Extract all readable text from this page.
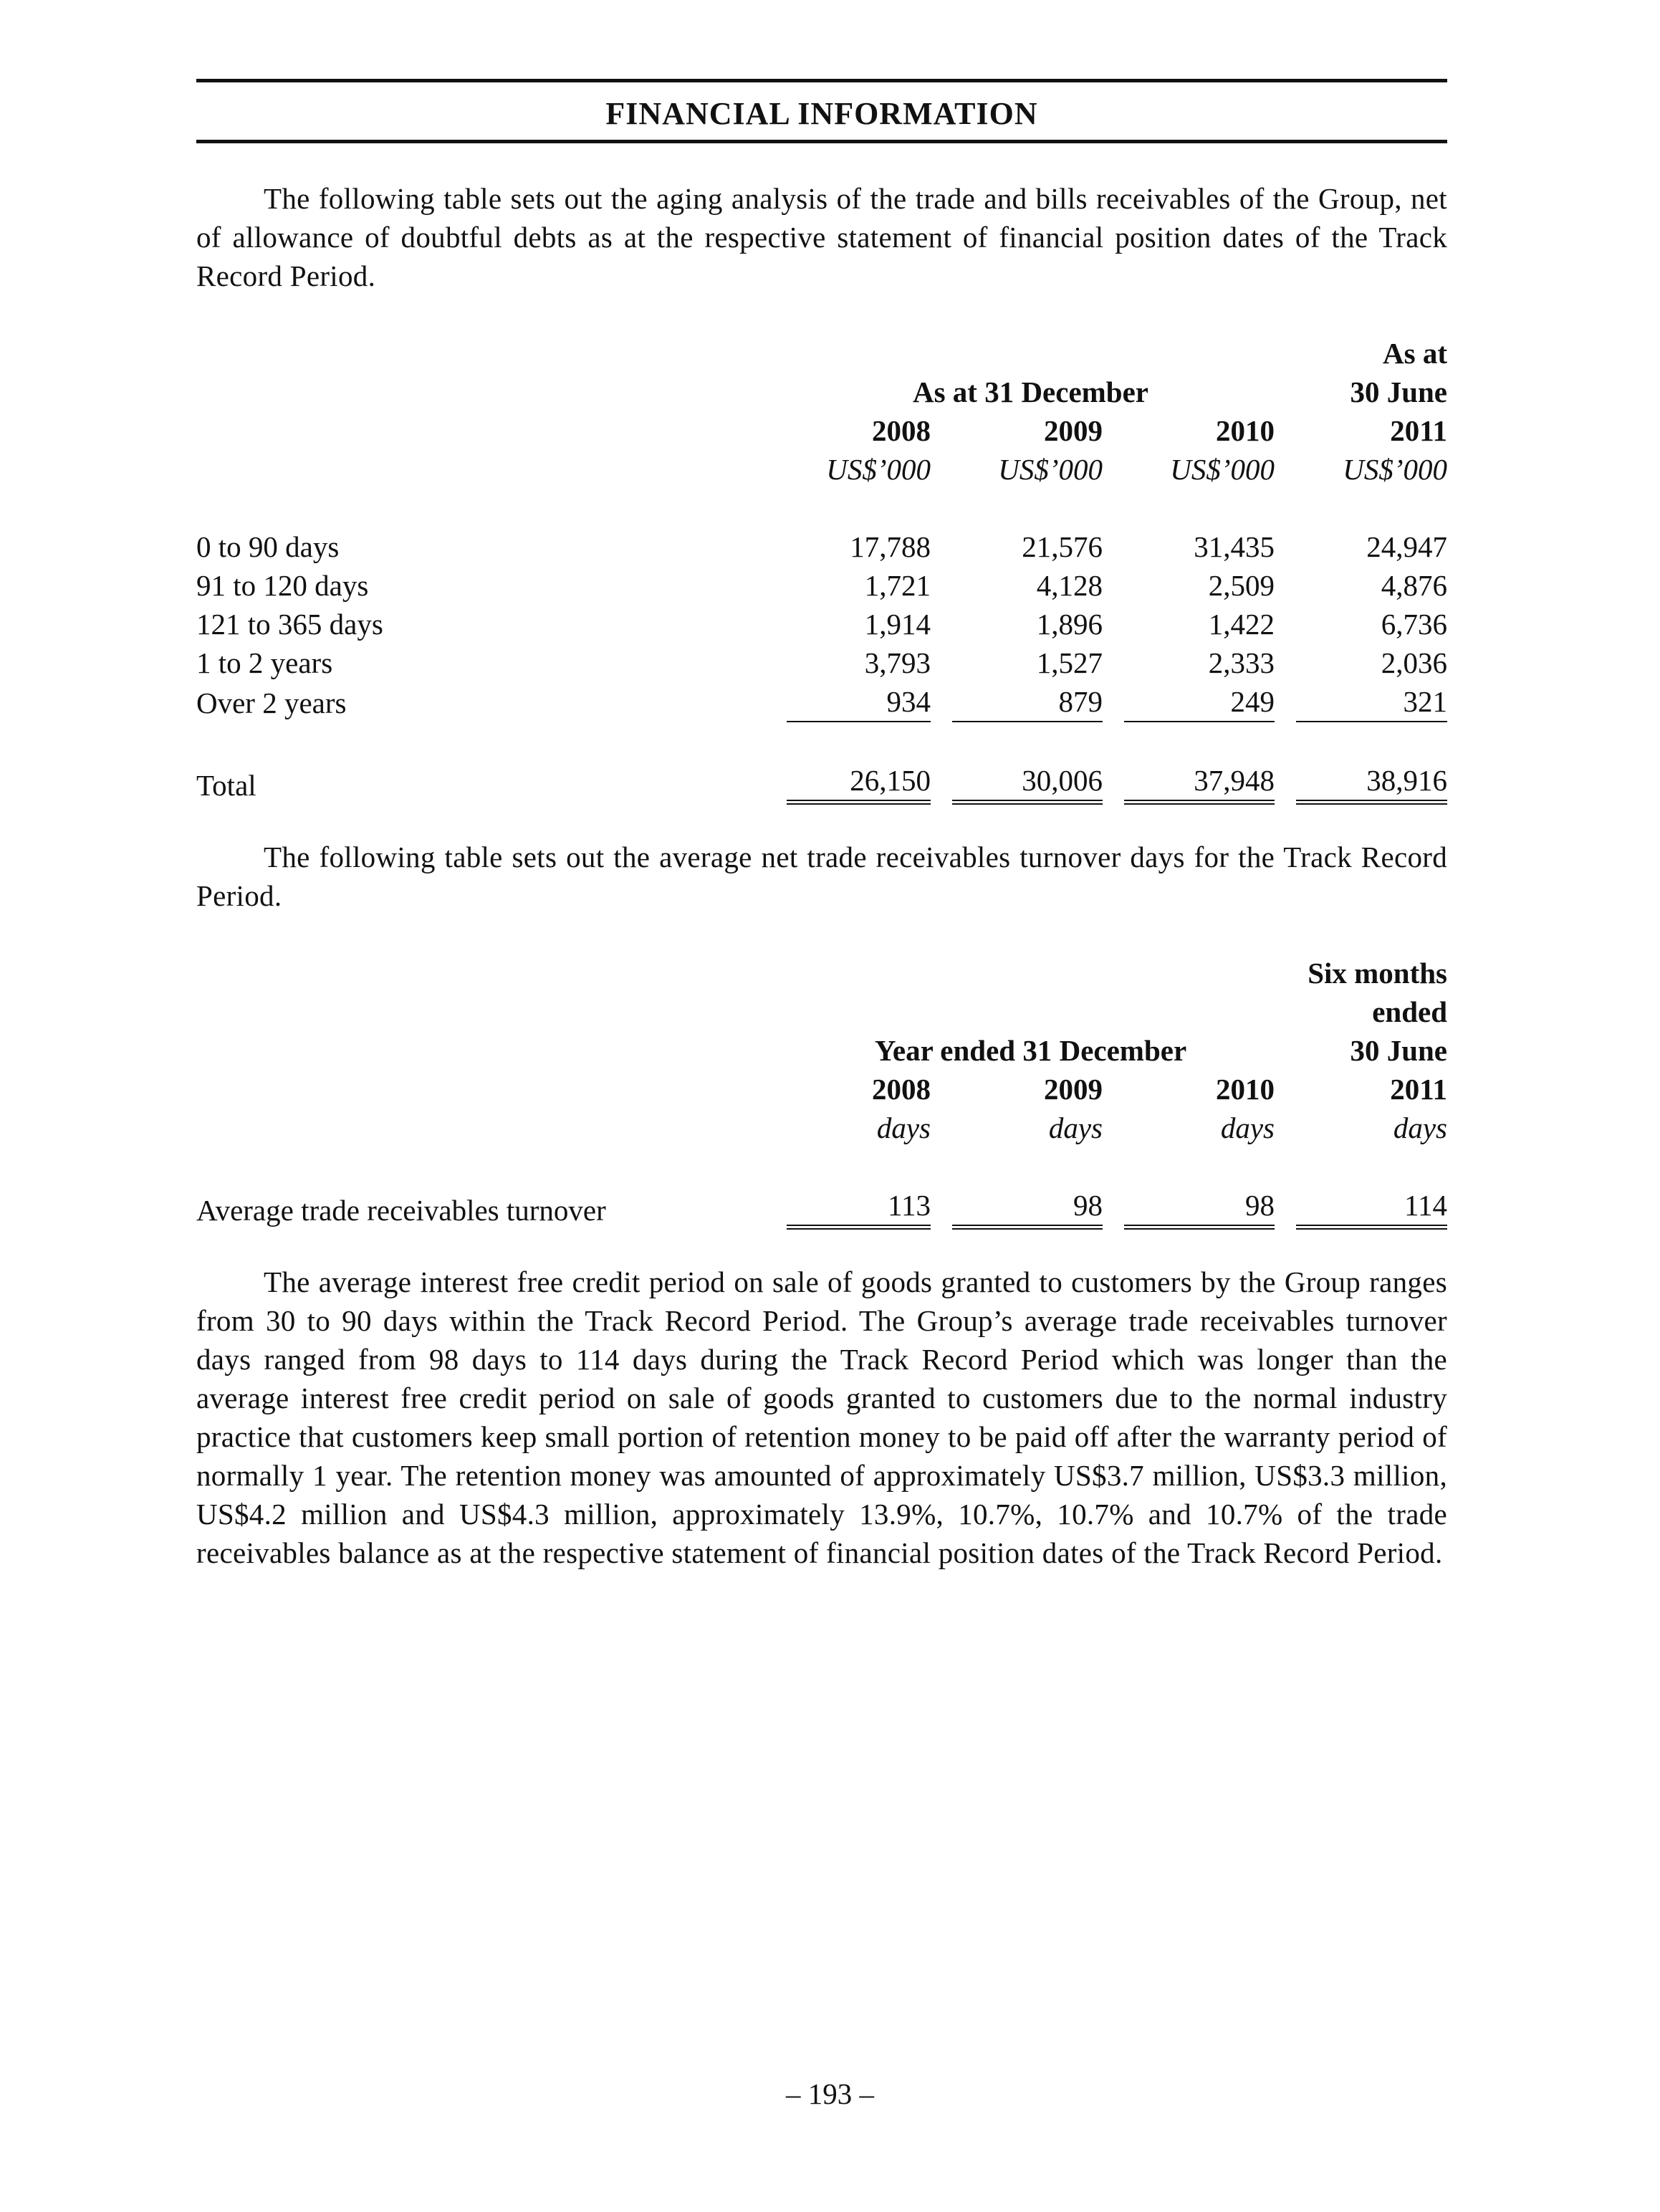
FINANCIAL INFORMATION

The following table sets out the aging analysis of the trade and bills receivables of the Group, net of allowance of doubtful debts as at the respective statement of financial position dates of the Track Record Period.

							As at
	As at 31 December						30 June
	2008		2009		2010		2011
	US$’000		US$’000		US$’000		US$’000

0 to 90 days	17,788		21,576		31,435		24,947
91 to 120 days	1,721		4,128		2,509		4,876
121 to 365 days	1,914		1,896		1,422		6,736
1 to 2 years	3,793		1,527		2,333		2,036
Over 2 years	934		879		249		321

Total	26,150		30,006		37,948		38,916

The following table sets out the average net trade receivables turnover days for the Track Record Period.

							Six months
							ended
	Year ended 31 December						30 June
	2008		2009		2010		2011
	days		days		days		days

Average trade receivables turnover	113		98		98		114

The average interest free credit period on sale of goods granted to customers by the Group ranges from 30 to 90 days within the Track Record Period. The Group’s average trade receivables turnover days ranged from 98 days to 114 days during the Track Record Period which was longer than the average interest free credit period on sale of goods granted to customers due to the normal industry practice that customers keep small portion of retention money to be paid off after the warranty period of normally 1 year. The retention money was amounted of approximately US$3.7 million, US$3.3 million, US$4.2 million and US$4.3 million, approximately 13.9%, 10.7%, 10.7% and 10.7% of the trade receivables balance as at the respective statement of financial position dates of the Track Record Period.

– 193 –
